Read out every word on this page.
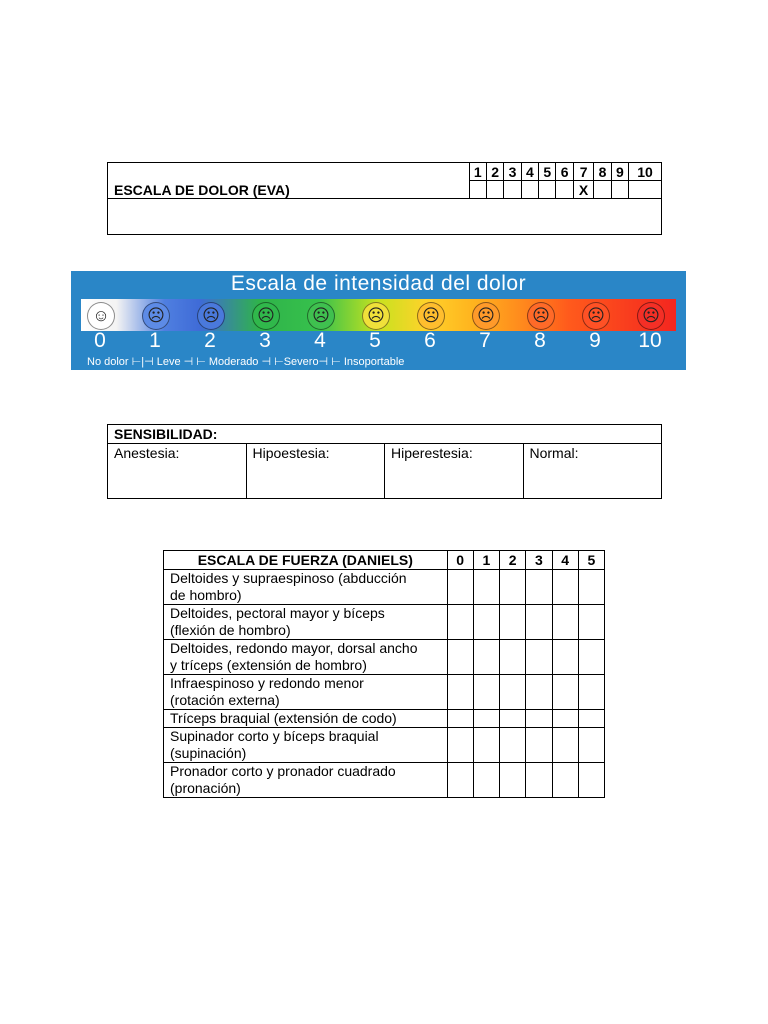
ESCALA DE DOLOR (EVA)	1	2	3	4	5	6	7	8	9	10
							X			

Escala de intensidad del dolor
☺	☹	☹	☹	☹	☹	☹	☹	☹	☹	☹
0	1	2	3	4	5	6	7	8	9	10
No dolor ⊢|⊣ Leve ⊣ ⊢ Moderado ⊣ ⊢Severo⊣ ⊢ Insoportable
SENSIBILIDAD:
Anestesia:	Hipoestesia:	Hiperestesia:	Normal:
ESCALA DE FUERZA (DANIELS)	0	1	2	3	4	5

Deltoides y supraespinoso (abducción
de hombro)						

Deltoides, pectoral mayor y bíceps
(flexión de hombro)						

Deltoides, redondo mayor, dorsal ancho
y tríceps (extensión de hombro)						

Infraespinoso y redondo menor
(rotación externa)						

Tríceps braquial (extensión de codo)						

Supinador corto y bíceps braquial
(supinación)						

Pronador corto y pronador cuadrado
(pronación)						
